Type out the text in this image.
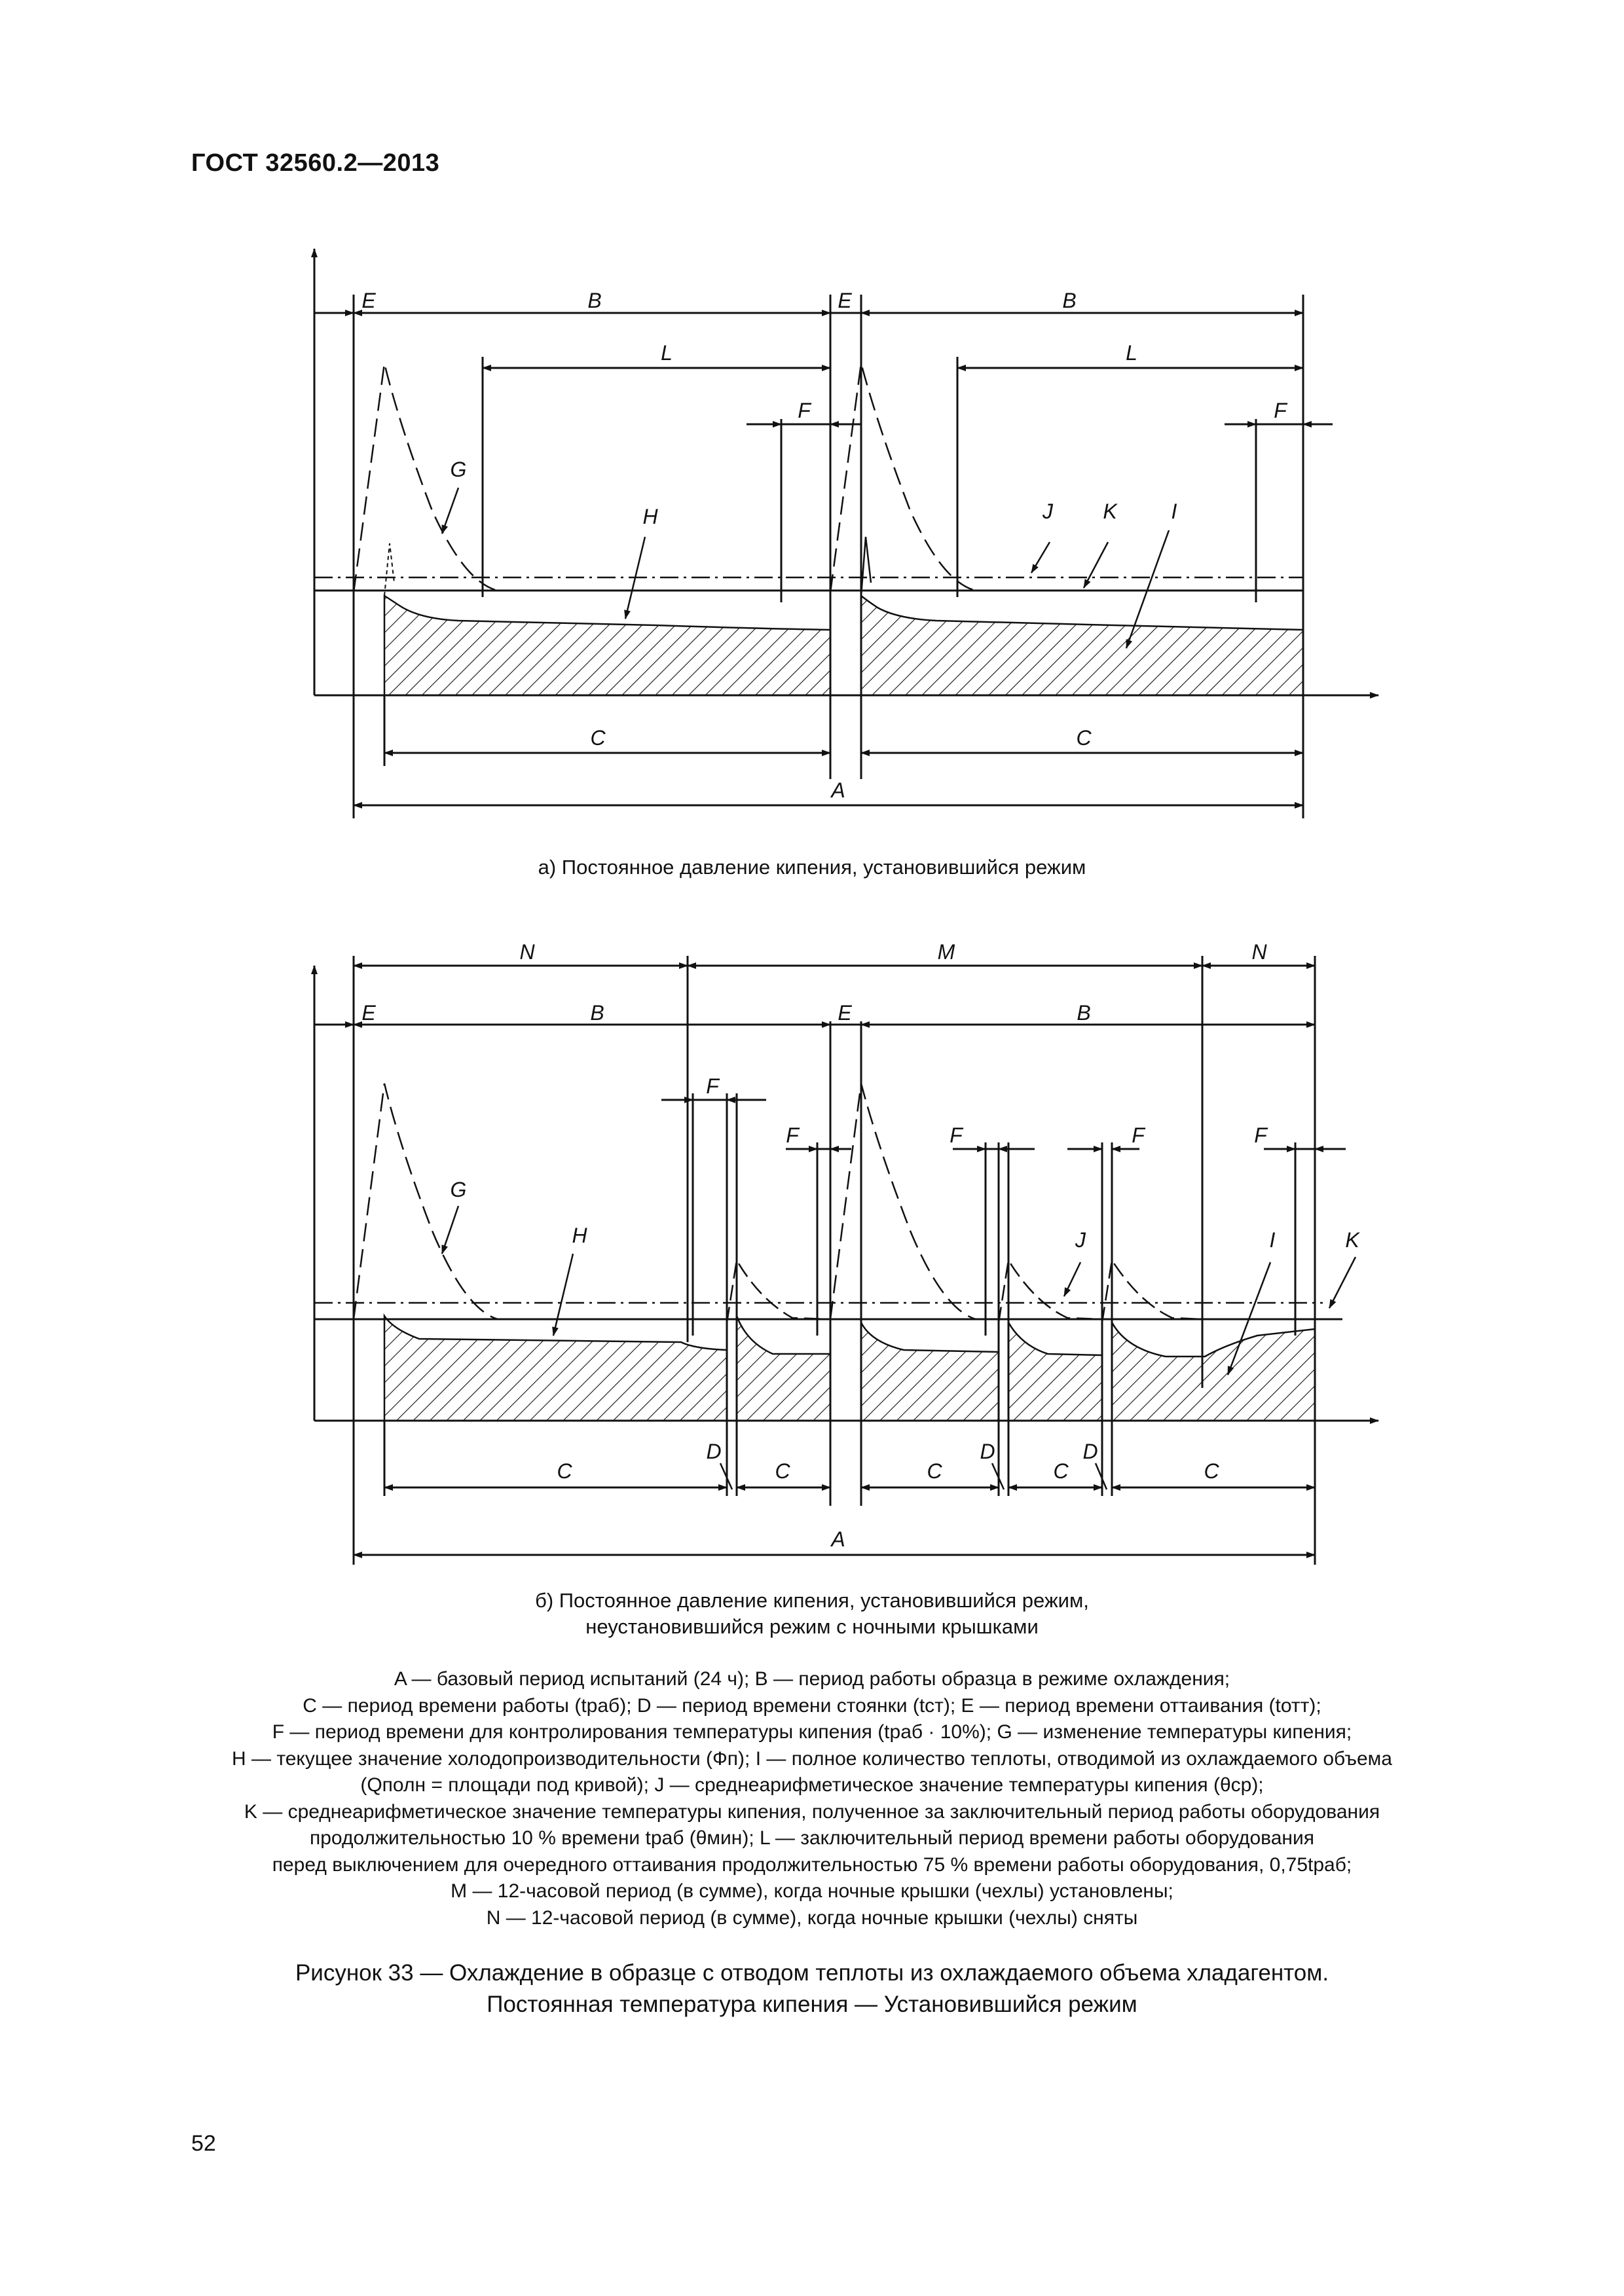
ГОСТ 32560.2—2013
E	B	E	B
L	L
F	F
G
H	J K	I
C	C
A
а) Постоянное давление кипения, установившийся режим
N	M	N
E	B	E	B
F
F	F	F	F
G
H	J	I	K
D	D	D
C	C	C	C	C
A
б) Постоянное давление кипения, установившийся режим,
неустановившийся режим с ночными крышками
A — базовый период испытаний (24 ч); B — период работы образца в режиме охлаждения;
C — период времени работы (tраб); D — период времени стоянки (tст); E — период времени оттаивания (tотт);
F — период времени для контролирования температуры кипения (tраб · 10%); G — изменение температуры кипения;
H — текущее значение холодопроизводительности (Фп); I — полное количество теплоты, отводимой из охлаждаемого объема
(Qполн = площади под кривой); J — среднеарифметическое значение температуры кипения (θср);
K — среднеарифметическое значение температуры кипения, полученное за заключительный период работы оборудования
продолжительностью 10 % времени tраб (θмин); L — заключительный период времени работы оборудования
перед выключением для очередного оттаивания продолжительностью 75 % времени работы оборудования, 0,75tраб;
M — 12-часовой период (в сумме), когда ночные крышки (чехлы) установлены;
N — 12-часовой период (в сумме), когда ночные крышки (чехлы) сняты
Рисунок 33 — Охлаждение в образце с отводом теплоты из охлаждаемого объема хладагентом.
Постоянная температура кипения — Установившийся режим
52
